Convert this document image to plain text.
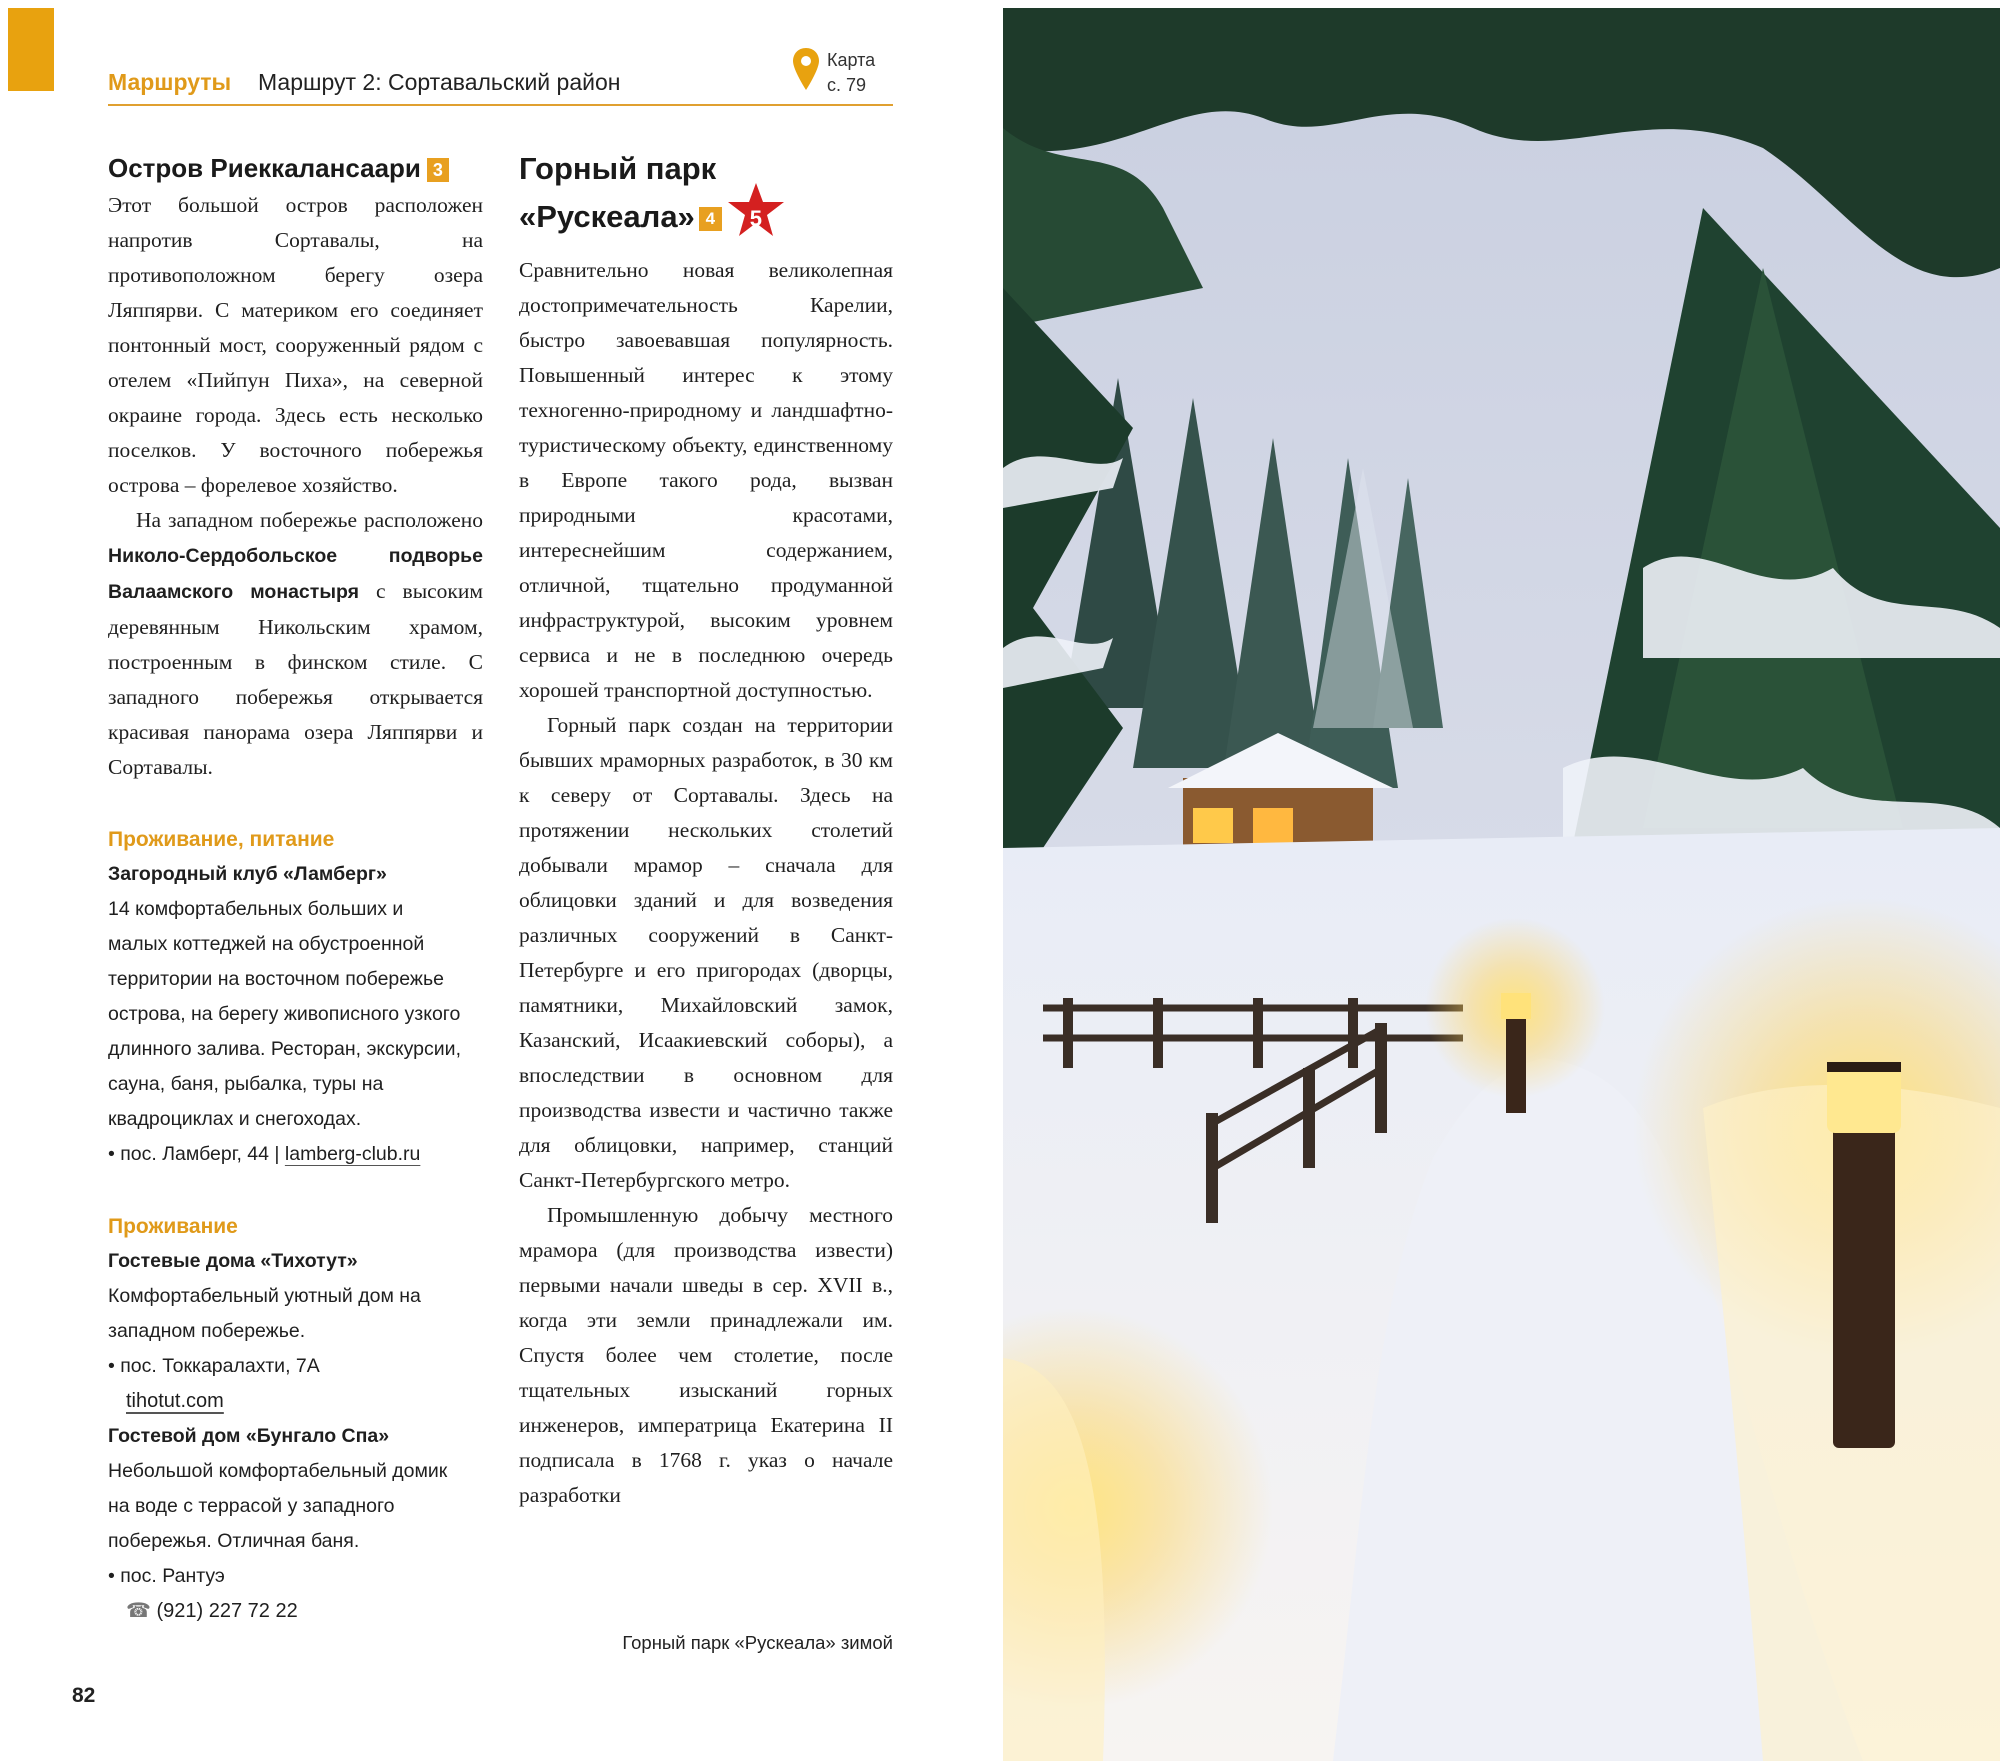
Маршруты Маршрут 2: Сортавальский район
Карта
с. 79
Остров Риеккалансаари 3

Этот большой остров расположен напротив Сортавалы, на противоположном берегу озера Ляппярви. С материком его соединяет понтонный мост, сооруженный рядом с отелем «Пийпун Пиха», на северной окраине города. Здесь есть несколько поселков. У восточного побережья острова – форелевое хозяйство.

На западном побережье расположено Николо-Сердобольское подворье Валаамского монастыря с высоким деревянным Никольским храмом, построенным в финском стиле. С западного побережья открывается красивая панорама озера Ляппярви и Сортавалы.

Проживание, питание

Загородный клуб «Ламберг»

14 комфортабельных больших и малых коттеджей на обустроенной территории на восточном побережье острова, на берегу живописного узкого длинного залива. Ресторан, экскурсии, сауна, баня, рыбалка, туры на квадроциклах и снегоходах.

• пос. Ламберг, 44 | lamberg-club.ru

Проживание

Гостевые дома «Тихотут»

Комфортабельный уютный дом на западном побережье.

• пос. Токкаралахти, 7А

tihotut.com

Гостевой дом «Бунгало Спа»

Небольшой комфортабельный домик на воде с террасой у западного побережья. Отличная баня.

• пос. Рантуэ

☎ (921) 227 72 22

Горный парк
«Рускеала» 4	5

Сравнительно новая великолепная достопримечательность Карелии, быстро завоевавшая популярность. Повышенный интерес к этому техногенно-природному и ландшафтно-туристическому объекту, единственному в Европе такого рода, вызван природными красотами, интереснейшим содержанием, отличной, тщательно продуманной инфраструктурой, высоким уровнем сервиса и не в последнюю очередь хорошей транспортной доступностью.

Горный парк создан на территории бывших мраморных разработок, в 30 км к северу от Сортавалы. Здесь на протяжении нескольких столетий добывали мрамор – сначала для облицовки зданий и для возведения различных сооружений в Санкт-Петербурге и его пригородах (дворцы, памятники, Михайловский замок, Казанский, Исаакиевский соборы), а впоследствии в основном для производства извести и частично также для облицовки, например, станций Санкт-Петербургского метро.

Промышленную добычу местного мрамора (для производства извести) первыми начали шведы в сер. XVII в., когда эти земли принадлежали им. Спустя более чем столетие, после тщательных изысканий горных инженеров, императрица Екатерина II подписала в 1768 г. указ о начале разработки

Горный парк «Рускеала» зимой
82
